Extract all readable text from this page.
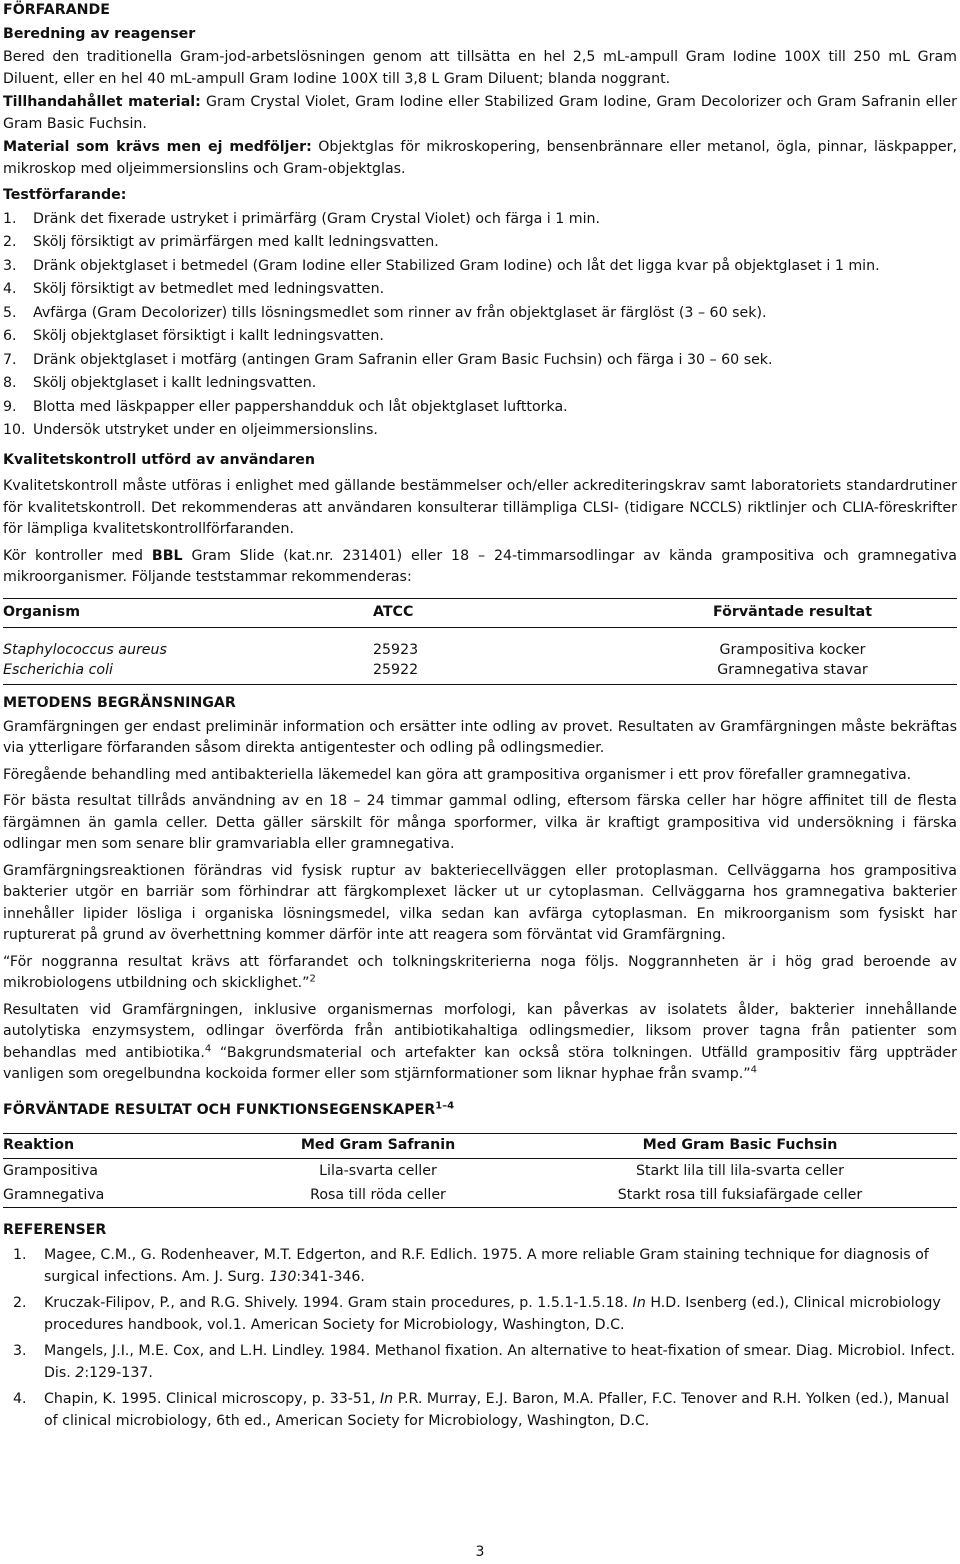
FÖRFARANDE

Beredning av reagenser

Bered den traditionella Gram-jod-arbetslösningen genom att tillsätta en hel 2,5 mL-ampull Gram Iodine 100X till 250 mL Gram Diluent, eller en hel 40 mL-ampull Gram Iodine 100X till 3,8 L Gram Diluent; blanda noggrant.

Tillhandahållet material: Gram Crystal Violet, Gram Iodine eller Stabilized Gram Iodine, Gram Decolorizer och Gram Safranin eller Gram Basic Fuchsin.

Material som krävs men ej medföljer: Objektglas för mikroskopering, bensenbrännare eller metanol, ögla, pinnar, läskpapper, mikroskop med oljeimmersionslins och Gram-objektglas.

Testförfarande:

1.	Dränk det fixerade ustryket i primärfärg (Gram Crystal Violet) och färga i 1 min.
2.	Skölj försiktigt av primärfärgen med kallt ledningsvatten.
3.	Dränk objektglaset i betmedel (Gram Iodine eller Stabilized Gram Iodine) och låt det ligga kvar på objektglaset i 1 min.
4.	Skölj försiktigt av betmedlet med ledningsvatten.
5.	Avfärga (Gram Decolorizer) tills lösningsmedlet som rinner av från objektglaset är färglöst (3 – 60 sek).
6.	Skölj objektglaset försiktigt i kallt ledningsvatten.
7.	Dränk objektglaset i motfärg (antingen Gram Safranin eller Gram Basic Fuchsin) och färga i 30 – 60 sek.
8.	Skölj objektglaset i kallt ledningsvatten.
9.	Blotta med läskpapper eller pappershandduk och låt objektglaset lufttorka.
10. Undersök utstryket under en oljeimmersionslins.

Kvalitetskontroll utförd av användaren

Kvalitetskontroll måste utföras i enlighet med gällande bestämmelser och/eller ackrediteringskrav samt laboratoriets standardrutiner för kvalitetskontroll. Det rekommenderas att användaren konsulterar tillämpliga CLSI- (tidigare NCCLS) riktlinjer och CLIA-föreskrifter för lämpliga kvalitetskontrollförfaranden.

Kör kontroller med BBL Gram Slide (kat.nr. 231401) eller 18 – 24-timmarsodlingar av kända grampositiva och gramnegativa mikroorganismer. Följande teststammar rekommenderas:

Organism	ATCC	Förväntade resultat
Staphylococcus aureus	25923	Grampositiva kocker
Escherichia coli	25922	Gramnegativa stavar

METODENS BEGRÄNSNINGAR

Gramfärgningen ger endast preliminär information och ersätter inte odling av provet. Resultaten av Gramfärgningen måste bekräftas via ytterligare förfaranden såsom direkta antigentester och odling på odlingsmedier.

Föregående behandling med antibakteriella läkemedel kan göra att grampositiva organismer i ett prov förefaller gramnegativa.

För bästa resultat tillråds användning av en 18 – 24 timmar gammal odling, eftersom färska celler har högre affinitet till de flesta färgämnen än gamla celler. Detta gäller särskilt för många sporformer, vilka är kraftigt grampositiva vid undersökning i färska odlingar men som senare blir gramvariabla eller gramnegativa.

Gramfärgningsreaktionen förändras vid fysisk ruptur av bakteriecellväggen eller protoplasman. Cellväggarna hos grampositiva bakterier utgör en barriär som förhindrar att färgkomplexet läcker ut ur cytoplasman. Cellväggarna hos gramnegativa bakterier innehåller lipider lösliga i organiska lösningsmedel, vilka sedan kan avfärga cytoplasman. En mikroorganism som fysiskt har rupturerat på grund av överhettning kommer därför inte att reagera som förväntat vid Gramfärgning.

“För noggranna resultat krävs att förfarandet och tolkningskriterierna noga följs. Noggrannheten är i hög grad beroende av mikrobiologens utbildning och skicklighet.”$^2$

Resultaten vid Gramfärgningen, inklusive organismernas morfologi, kan påverkas av isolatets ålder, bakterier innehållande autolytiska enzymsystem, odlingar överförda från antibiotikahaltiga odlingsmedier, liksom prover tagna från patienter som behandlas med antibiotika.$^4$ “Bakgrundsmaterial och artefakter kan också störa tolkningen. Utfälld grampositiv färg uppträder vanligen som oregelbundna kockoida former eller som stjärnformationer som liknar hyphae från svamp.”$^4$

FÖRVÄNTADE RESULTAT OCH FUNKTIONSEGENSKAPER$^{1-4}$

Reaktion	Med Gram Safranin	Med Gram Basic Fuchsin
Grampositiva	Lila-svarta celler	Starkt lila till lila-svarta celler
Gramnegativa	Rosa till röda celler	Starkt rosa till fuksiafärgade celler

REFERENSER

1.	Magee, C.M., G. Rodenheaver, M.T. Edgerton, and R.F. Edlich. 1975. A more reliable Gram staining technique for diagnosis of surgical infections. Am. J. Surg. 130:341-346.
2.	Kruczak-Filipov, P., and R.G. Shively. 1994. Gram stain procedures, p. 1.5.1-1.5.18. In H.D. Isenberg (ed.), Clinical microbiology procedures handbook, vol.1. American Society for Microbiology, Washington, D.C.
3.	Mangels, J.I., M.E. Cox, and L.H. Lindley. 1984. Methanol fixation. An alternative to heat-fixation of smear. Diag. Microbiol. Infect. Dis. 2:129-137.
4.	Chapin, K. 1995. Clinical microscopy, p. 33-51, In P.R. Murray, E.J. Baron, M.A. Pfaller, F.C. Tenover and R.H. Yolken (ed.), Manual of clinical microbiology, 6th ed., American Society for Microbiology, Washington, D.C.
3
